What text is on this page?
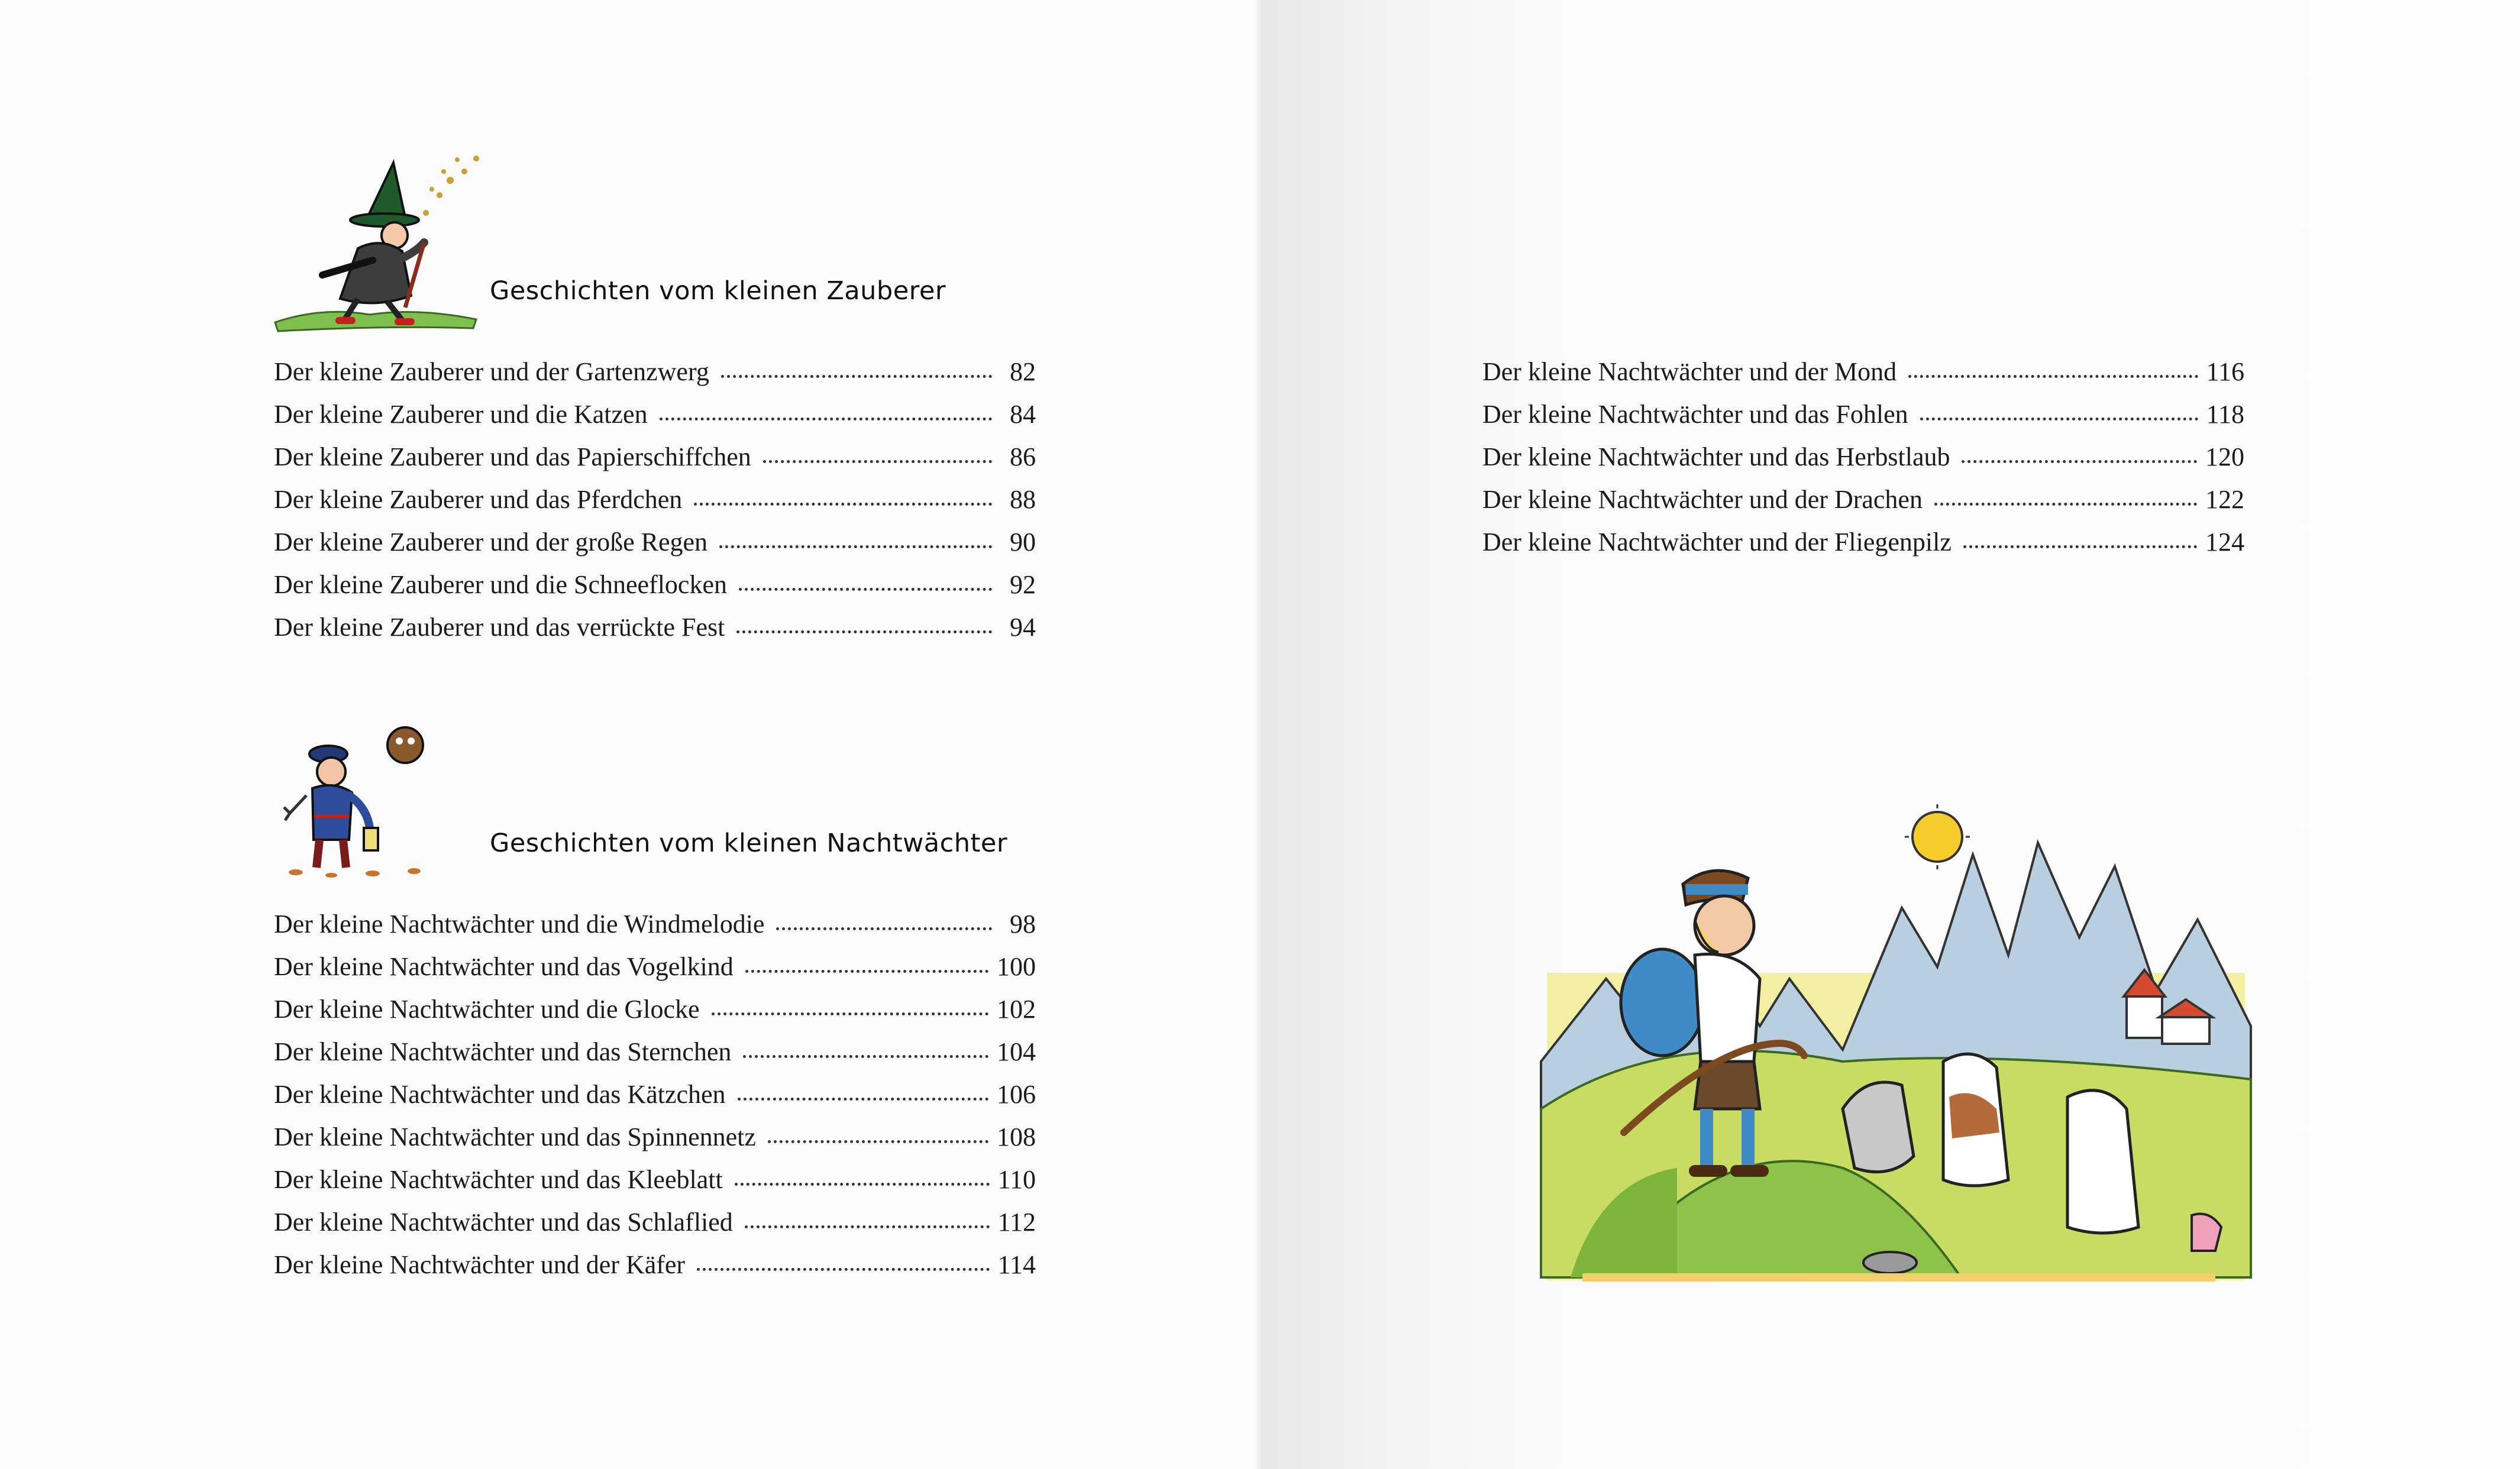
Geschichten vom kleinen Zauberer
Der kleine Zauberer und der Gartenzwerg	82
Der kleine Zauberer und die Katzen	84
Der kleine Zauberer und das Papierschiffchen	86
Der kleine Zauberer und das Pferdchen	88
Der kleine Zauberer und der große Regen	90
Der kleine Zauberer und die Schneeflocken	92
Der kleine Zauberer und das verrückte Fest	94
Geschichten vom kleinen Nachtwächter
Der kleine Nachtwächter und die Windmelodie	98
Der kleine Nachtwächter und das Vogelkind	100
Der kleine Nachtwächter und die Glocke	102
Der kleine Nachtwächter und das Sternchen	104
Der kleine Nachtwächter und das Kätzchen	106
Der kleine Nachtwächter und das Spinnennetz	108
Der kleine Nachtwächter und das Kleeblatt	110
Der kleine Nachtwächter und das Schlaflied	112
Der kleine Nachtwächter und der Käfer	114
Der kleine Nachtwächter und der Mond	116
Der kleine Nachtwächter und das Fohlen	118
Der kleine Nachtwächter und das Herbstlaub	120
Der kleine Nachtwächter und der Drachen	122
Der kleine Nachtwächter und der Fliegenpilz	124
